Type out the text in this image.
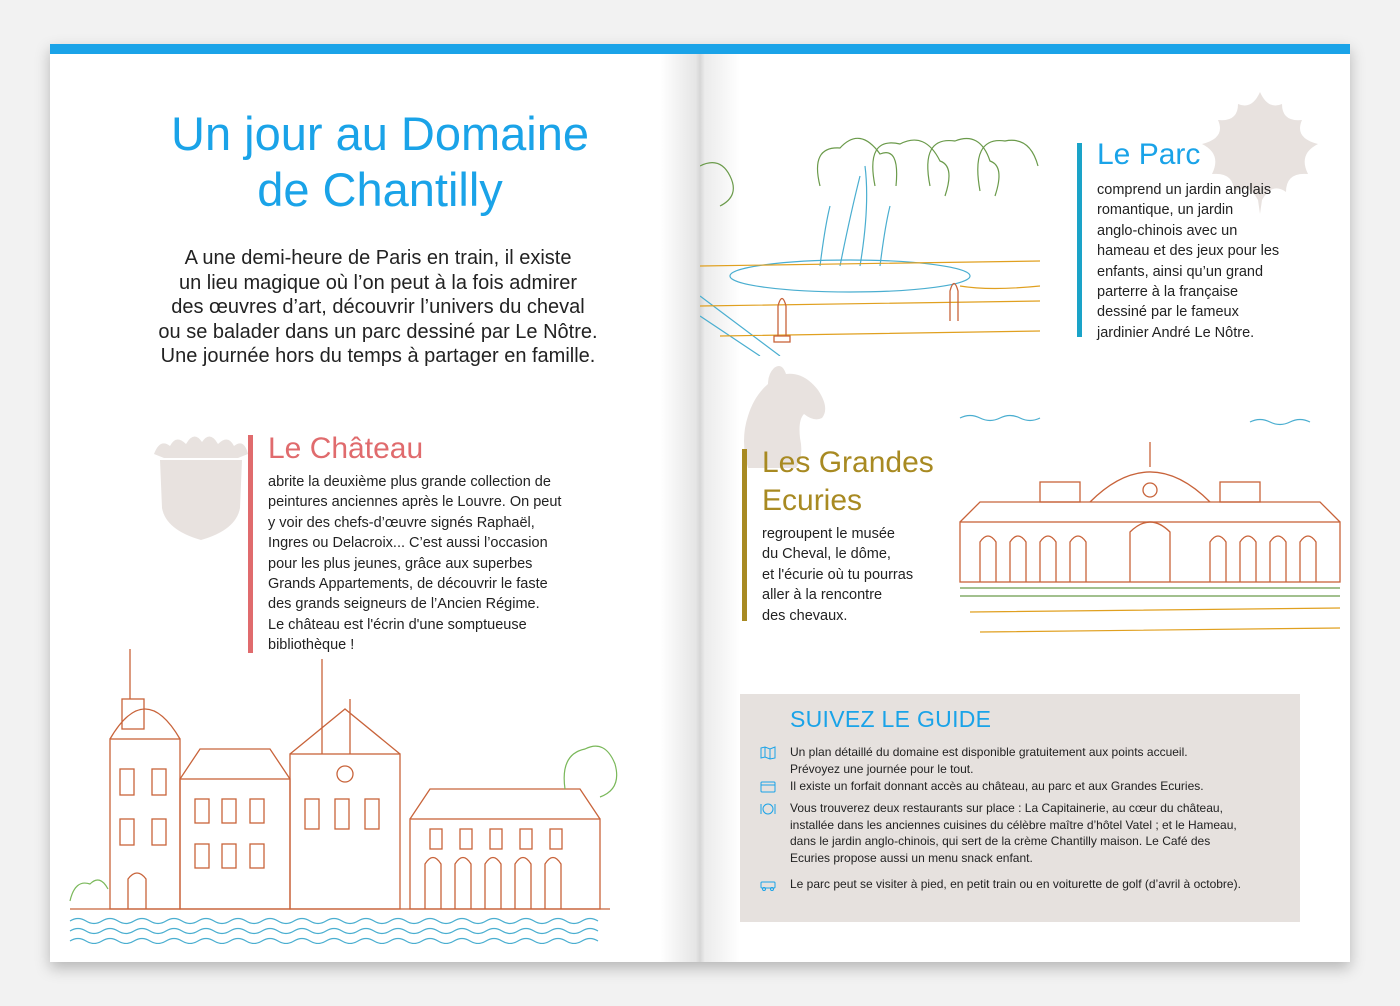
Un jour au Domaine
de Chantilly

A une demi-heure de Paris en train, il existe
un lieu magique où l’on peut à la fois admirer
des œuvres d’art, découvrir l’univers du cheval
ou se balader dans un parc dessiné par Le Nôtre.
Une journée hors du temps à partager en famille.

Le Château

abrite la deuxième plus grande collection de
peintures anciennes après le Louvre. On peut
y voir des chefs-d’œuvre signés Raphaël,
Ingres ou Delacroix... C’est aussi l’occasion
pour les plus jeunes, grâce aux superbes
Grands Appartements, de découvrir le faste
des grands seigneurs de l’Ancien Régime.
Le château est l'écrin d'une somptueuse
bibliothèque !

Le Parc

comprend un jardin anglais
romantique, un jardin
anglo-chinois avec un
hameau et des jeux pour les
enfants, ainsi qu’un grand
parterre à la française
dessiné par le fameux
jardinier André Le Nôtre.

Les Grandes
Ecuries

regroupent le musée
du Cheval, le dôme,
et l'écurie où tu pourras
aller à la rencontre
des chevaux.

SUIVEZ LE GUIDE

Un plan détaillé du domaine est disponible gratuitement aux points accueil.
Prévoyez une journée pour le tout.

Il existe un forfait donnant accès au château, au parc et aux Grandes Ecuries.

Vous trouverez deux restaurants sur place : La Capitainerie, au cœur du château,
installée dans les anciennes cuisines du célèbre maître d’hôtel Vatel ; et le Hameau,
dans le jardin anglo-chinois, qui sert de la crème Chantilly maison. Le Café des
Ecuries propose aussi un menu snack enfant.

Le parc peut se visiter à pied, en petit train ou en voiturette de golf (d’avril à octobre).
